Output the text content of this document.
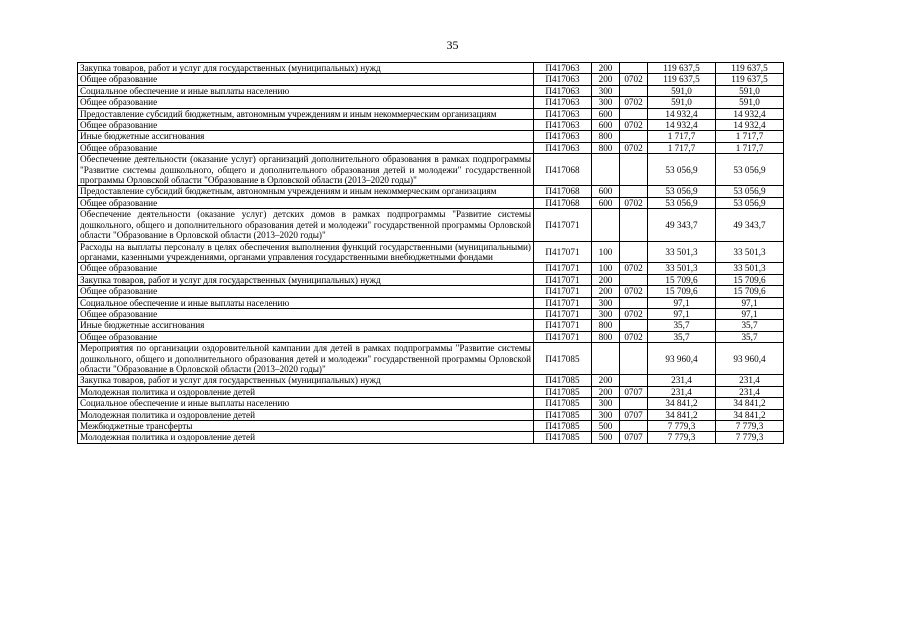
35
Закупка товаров, работ и услуг для государственных (муниципальных) нужд	П417063	200		119 637,5	119 637,5
Общее образование	П417063	200	0702	119 637,5	119 637,5
Социальное обеспечение и иные выплаты населению	П417063	300		591,0	591,0
Общее образование	П417063	300	0702	591,0	591,0
Предоставление субсидий бюджетным, автономным учреждениям и иным некоммерческим организациям	П417063	600		14 932,4	14 932,4
Общее образование	П417063	600	0702	14 932,4	14 932,4
Иные бюджетные ассигнования	П417063	800		1 717,7	1 717,7
Общее образование	П417063	800	0702	1 717,7	1 717,7
Обеспечение деятельности (оказание услуг) организаций дополнительного образования в рамках подпрограммы "Развитие системы дошкольного, общего и дополнительного образования детей и молодежи" государственной программы Орловской области "Образование в Орловской области (2013–2020 годы)"	П417068			53 056,9	53 056,9
Предоставление субсидий бюджетным, автономным учреждениям и иным некоммерческим организациям	П417068	600		53 056,9	53 056,9
Общее образование	П417068	600	0702	53 056,9	53 056,9
Обеспечение деятельности (оказание услуг) детских домов в рамках подпрограммы "Развитие системы дошкольного, общего и дополнительного образования детей и молодежи" государственной программы Орловской области "Образование в Орловской области (2013–2020 годы)"	П417071			49 343,7	49 343,7
Расходы на выплаты персоналу в целях обеспечения выполнения функций государственными (муниципальными) органами, казенными учреждениями, органами управления государственными внебюджетными фондами	П417071	100		33 501,3	33 501,3
Общее образование	П417071	100	0702	33 501,3	33 501,3
Закупка товаров, работ и услуг для государственных (муниципальных) нужд	П417071	200		15 709,6	15 709,6
Общее образование	П417071	200	0702	15 709,6	15 709,6
Социальное обеспечение и иные выплаты населению	П417071	300		97,1	97,1
Общее образование	П417071	300	0702	97,1	97,1
Иные бюджетные ассигнования	П417071	800		35,7	35,7
Общее образование	П417071	800	0702	35,7	35,7
Мероприятия по организации оздоровительной кампании для детей в рамках подпрограммы "Развитие системы дошкольного, общего и дополнительного образования детей и молодежи" государственной программы Орловской области "Образование в Орловской области (2013–2020 годы)"	П417085			93 960,4	93 960,4
Закупка товаров, работ и услуг для государственных (муниципальных) нужд	П417085	200		231,4	231,4
Молодежная политика и оздоровление детей	П417085	200	0707	231,4	231,4
Социальное обеспечение и иные выплаты населению	П417085	300		34 841,2	34 841,2
Молодежная политика и оздоровление детей	П417085	300	0707	34 841,2	34 841,2
Межбюджетные трансферты	П417085	500		7 779,3	7 779,3
Молодежная политика и оздоровление детей	П417085	500	0707	7 779,3	7 779,3
